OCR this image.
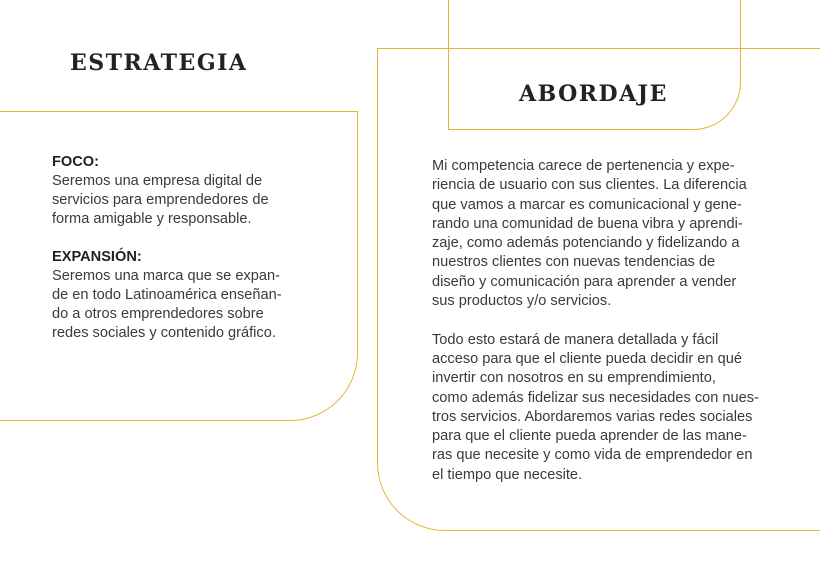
ESTRATEGIA
ABORDAJE
FOCO:
Seremos una empresa digital de
servicios para emprendedores de
forma amigable y responsable.
EXPANSIÓN:
Seremos una marca que se expan-
de en todo Latinoamérica enseñan-
do a otros emprendedores sobre
redes sociales y contenido gráfico.

Mi competencia carece de pertenencia y expe-
riencia de usuario con sus clientes. La diferencia
que vamos a marcar es comunicacional y gene-
rando una comunidad de buena vibra y aprendi-
zaje, como además potenciando y fidelizando a
nuestros clientes con nuevas tendencias de
diseño y comunicación para aprender a vender
sus productos y/o servicios.

Todo esto estará de manera detallada y fácil
acceso para que el cliente pueda decidir en qué
invertir con nosotros en su emprendimiento,
como además fidelizar sus necesidades con nues-
tros servicios. Abordaremos varias redes sociales
para que el cliente pueda aprender de las mane-
ras que necesite y como vida de emprendedor en
el tiempo que necesite.
